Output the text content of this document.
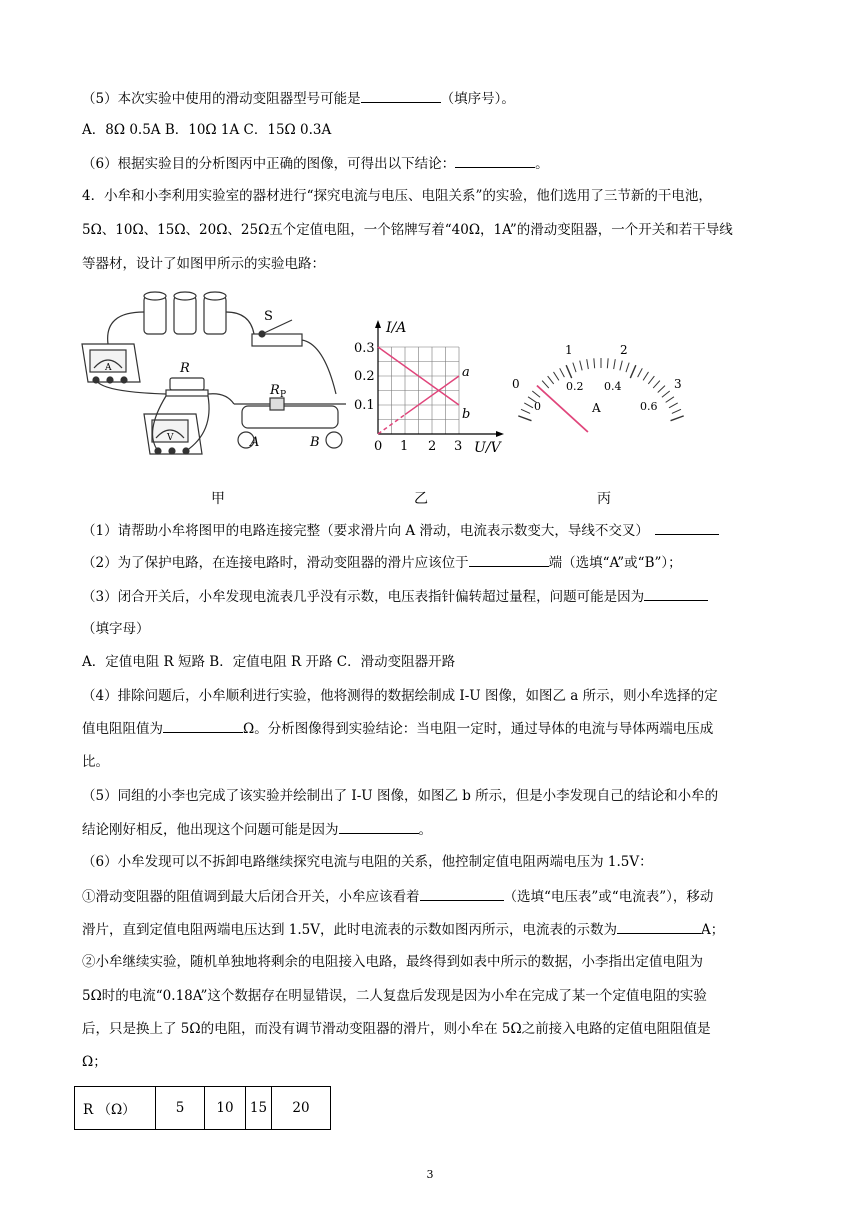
（5）本次实验中使用的滑动变阻器型号可能是	（填序号）。
A．8Ω 0.5A B．10Ω 1A C．15Ω 0.3A
（6）根据实验目的分析图丙中正确的图像，可得出以下结论：	。
4．小牟和小李利用实验室的器材进行“探究电流与电压、电阻关系”的实验，他们选用了三节新的干电池，
5Ω、10Ω、15Ω、20Ω、25Ω五个定值电阻，一个铭牌写着“40Ω，1A”的滑动变阻器，一个开关和若干导线
等器材，设计了如图甲所示的实验电路：
S
A	R
V
R P
A	B
I/A
U/V
0.3
0.2
0.1
0 1 2 3
a
b
0
1	2
3
0
0.2 0.4
0.6
A
甲	乙	丙
（1）请帮助小牟将图甲的电路连接完整（要求滑片向 A 滑动，电流表示数变大，导线不交叉）
（2）为了保护电路，在连接电路时，滑动变阻器的滑片应该位于	端（选填“A”或“B”）；
（3）闭合开关后，小牟发现电流表几乎没有示数，电压表指针偏转超过量程，问题可能是因为
（填字母）
A．定值电阻 R 短路 B．定值电阻 R 开路 C．滑动变阻器开路
（4）排除问题后，小牟顺利进行实验，他将测得的数据绘制成 I-U 图像，如图乙 a 所示，则小牟选择的定
值电阻阻值为	Ω。分析图像得到实验结论：当电阻一定时，通过导体的电流与导体两端电压成
比。
（5）同组的小李也完成了该实验并绘制出了 I-U 图像，如图乙 b 所示，但是小李发现自己的结论和小牟的
结论刚好相反，他出现这个问题可能是因为	。
（6）小牟发现可以不拆卸电路继续探究电流与电阻的关系，他控制定值电阻两端电压为 1.5V：
①滑动变阻器的阻值调到最大后闭合开关，小牟应该看着	（选填“电压表”或“电流表”），移动
滑片，直到定值电阻两端电压达到 1.5V，此时电流表的示数如图丙所示，电流表的示数为	A；
②小牟继续实验，随机单独地将剩余的电阻接入电路，最终得到如表中所示的数据，小李指出定值电阻为
5Ω时的电流“0.18A”这个数据存在明显错误，二人复盘后发现是因为小牟在完成了某一个定值电阻的实验
后，只是换上了 5Ω的电阻，而没有调节滑动变阻器的滑片，则小牟在 5Ω之前接入电路的定值电阻阻值是
Ω；
R （Ω）	5	10	15	20
3
